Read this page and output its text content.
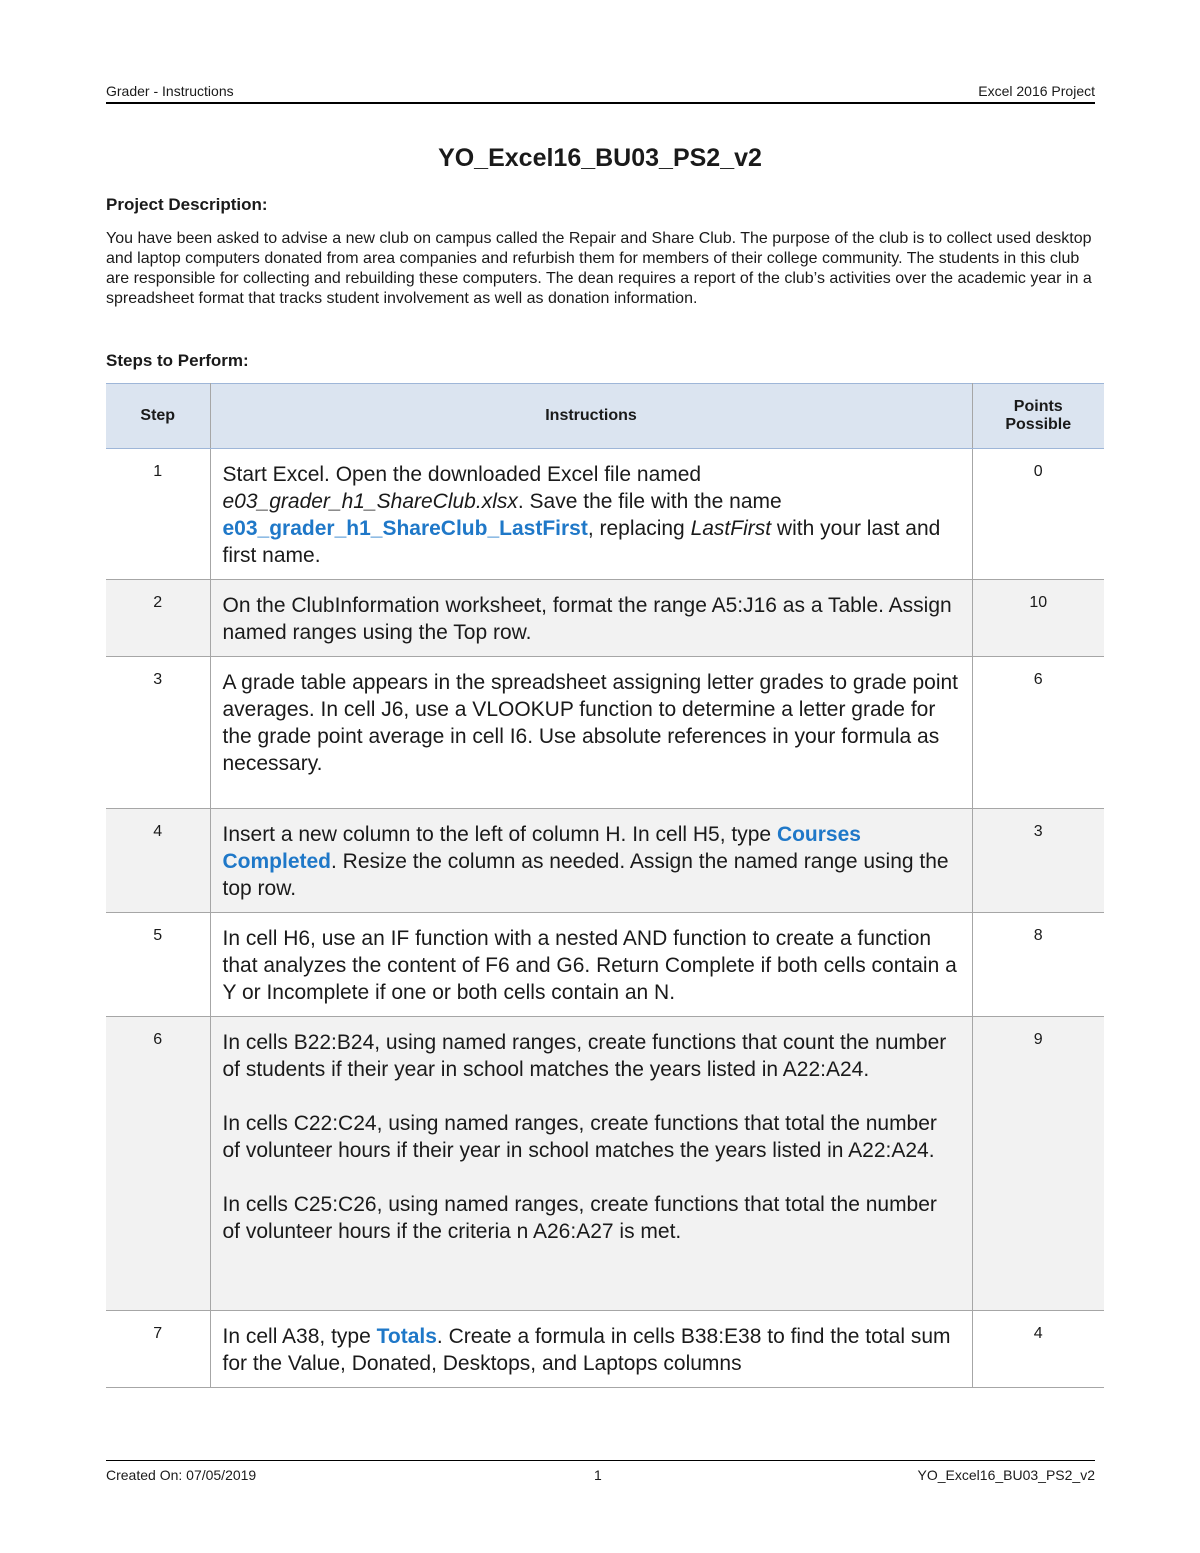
Grader - Instructions	Excel 2016 Project
YO_Excel16_BU03_PS2_v2
Project Description:
You have been asked to advise a new club on campus called the Repair and Share Club. The purpose of the club is to collect used desktop and laptop computers donated from area companies and refurbish them for members of their college community. The students in this club are responsible for collecting and rebuilding these computers. The dean requires a report of the club’s activities over the academic year in a spreadsheet format that tracks student involvement as well as donation information.
Steps to Perform:
Step	Instructions	Points
Possible
1	Start Excel. Open the downloaded Excel file named e03_grader_h1_ShareClub.xlsx. Save the file with the name e03_grader_h1_ShareClub_LastFirst, replacing LastFirst with your last and first name.	0
2	On the ClubInformation worksheet, format the range A5:J16 as a Table. Assign named ranges using the Top row.	10
3	A grade table appears in the spreadsheet assigning letter grades to grade point averages. In cell J6, use a VLOOKUP function to determine a letter grade for the grade point average in cell I6. Use absolute references in your formula as necessary.	6
4	Insert a new column to the left of column H. In cell H5, type Courses Completed. Resize the column as needed. Assign the named range using the top row.	3
5	In cell H6, use an IF function with a nested AND function to create a function that analyzes the content of F6 and G6. Return Complete if both cells contain a Y or Incomplete if one or both cells contain an N.	8
6	In cells B22:B24, using named ranges, create functions that count the number of students if their year in school matches the years listed in A22:A24.

In cells C22:C24, using named ranges, create functions that total the number of volunteer hours if their year in school matches the years listed in A22:A24.

In cells C25:C26, using named ranges, create functions that total the number of volunteer hours if the criteria n A26:A27 is met.	9
7	In cell A38, type Totals. Create a formula in cells B38:E38 to find the total sum for the Value, Donated, Desktops, and Laptops columns	4
Created On: 07/05/2019	1	YO_Excel16_BU03_PS2_v2
